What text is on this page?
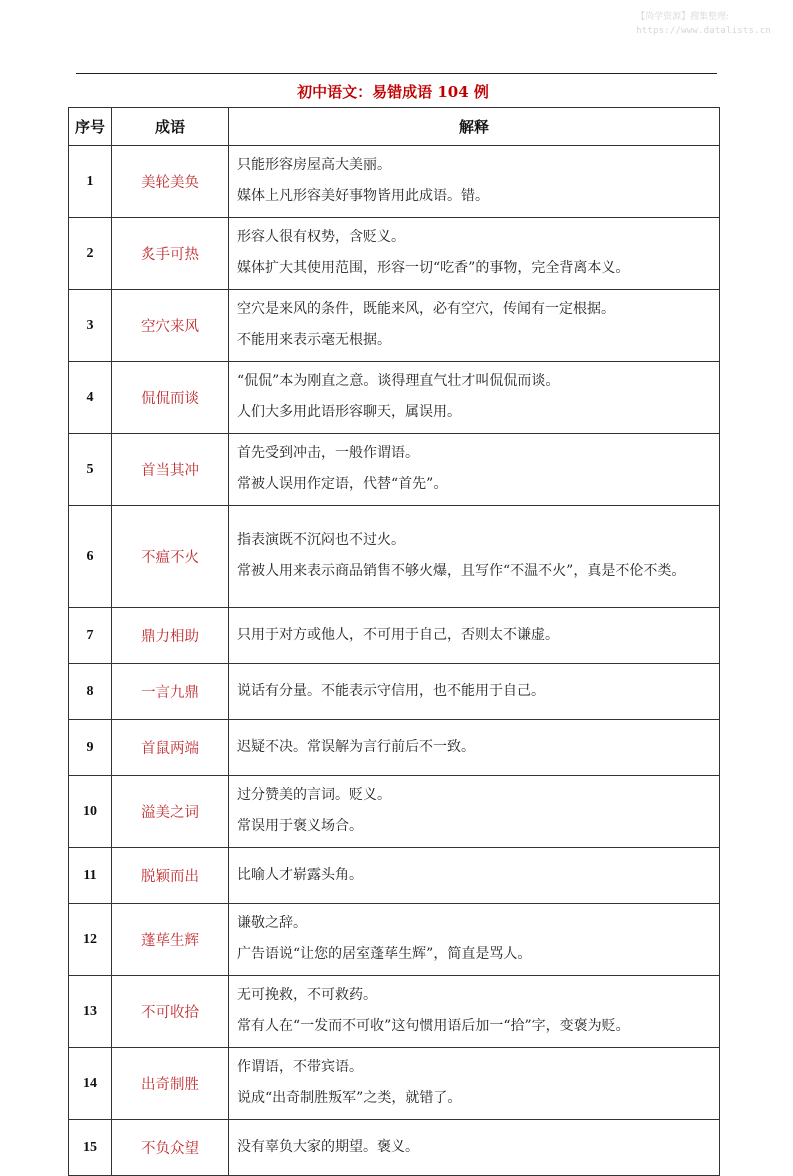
【尚学资源】搜集整理:
https://www.datalists.cn
初中语文：易错成语 104 例
序号	成语	解释
1	美轮美奂	只能形容房屋高大美丽。
媒体上凡形容美好事物皆用此成语。错。

2	炙手可热	形容人很有权势，含贬义。
媒体扩大其使用范围，形容一切“吃香”的事物，完全背离本义。

3	空穴来风	空穴是来风的条件，既能来风，必有空穴，传闻有一定根据。
不能用来表示毫无根据。

4	侃侃而谈	“侃侃”本为刚直之意。谈得理直气壮才叫侃侃而谈。
人们大多用此语形容聊天，属误用。

5	首当其冲	首先受到冲击，一般作谓语。
常被人误用作定语，代替“首先”。

6	不瘟不火	指表演既不沉闷也不过火。
常被人用来表示商品销售不够火爆，且写作“不温不火”，真是不伦不类。

7	鼎力相助	只用于对方或他人，不可用于自己，否则太不谦虚。

8	一言九鼎	说话有分量。不能表示守信用，也不能用于自己。

9	首鼠两端	迟疑不决。常误解为言行前后不一致。

10	溢美之词	过分赞美的言词。贬义。
常误用于褒义场合。

11	脱颖而出	比喻人才崭露头角。

12	蓬荜生辉	谦敬之辞。
广告语说“让您的居室蓬荜生辉”，简直是骂人。

13	不可收拾	无可挽救，不可救药。
常有人在“一发而不可收”这句惯用语后加一“拾”字，变褒为贬。

14	出奇制胜	作谓语，不带宾语。
说成“出奇制胜叛军”之类，就错了。

15	不负众望	没有辜负大家的期望。褒义。
